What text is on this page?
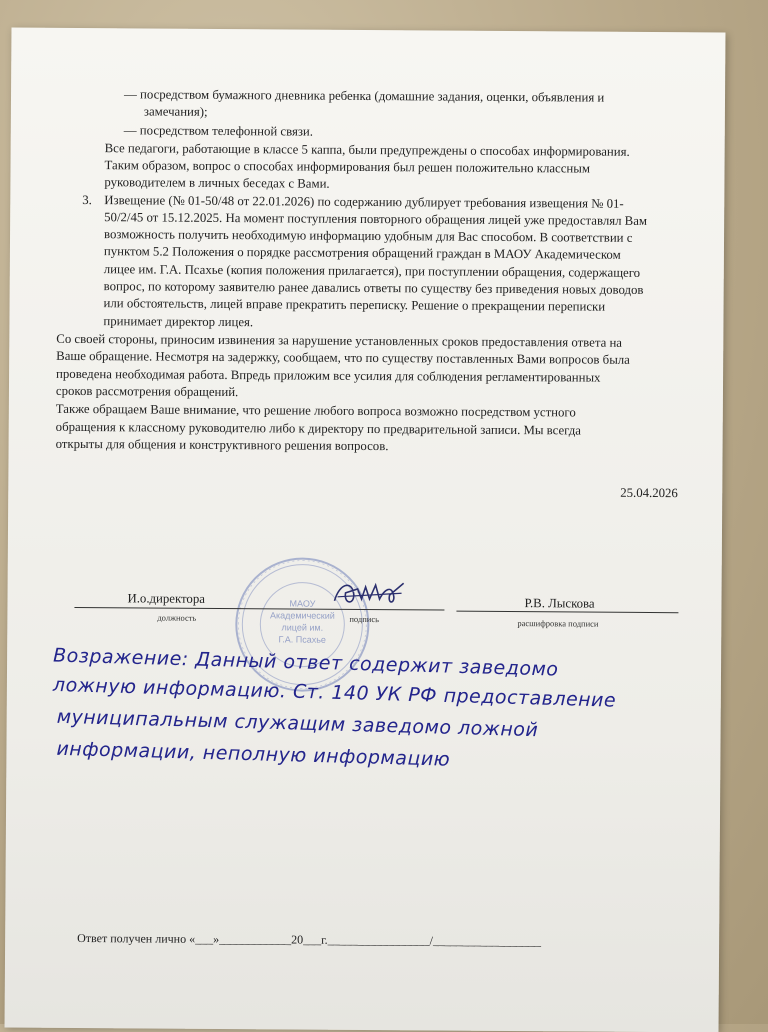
— посредством бумажного дневника ребенка (домашние задания, оценки, объявления и
замечания);
— посредством телефонной связи.
Все педагоги, работающие в классе 5 каппа, были предупреждены о способах информирования.
Таким образом, вопрос о способах информирования был решен положительно классным
руководителем в личных беседах с Вами.
3. Извещение (№ 01-50/48 от 22.01.2026) по содержанию дублирует требования извещения № 01-
50/2/45 от 15.12.2025. На момент поступления повторного обращения лицей уже предоставлял Вам
возможность получить необходимую информацию удобным для Вас способом. В соответствии с
пунктом 5.2 Положения о порядке рассмотрения обращений граждан в МАОУ Академическом
лицее им. Г.А. Псахье (копия положения прилагается), при поступлении обращения, содержащего
вопрос, по которому заявителю ранее давались ответы по существу без приведения новых доводов
или обстоятельств, лицей вправе прекратить переписку. Решение о прекращении переписки
принимает директор лицея.
Со своей стороны, приносим извинения за нарушение установленных сроков предоставления ответа на
Ваше обращение. Несмотря на задержку, сообщаем, что по существу поставленных Вами вопросов была
проведена необходимая работа. Впредь приложим все усилия для соблюдения регламентированных
сроков рассмотрения обращений.
Также обращаем Ваше внимание, что решение любого вопроса возможно посредством устного
обращения к классному руководителю либо к директору по предварительной записи. Мы всегда
открыты для общения и конструктивного решения вопросов.
25.04.2026
МАОУ
Академический
лицей им.
Г.А. Псахье
И.о.директора
должность	подпись
Р.В. Лыскова
расшифровка подписи
Возражение: Данный ответ содержит заведомо
ложную информацию. Ст. 140 УК РФ предоставление
муниципальным служащим заведомо ложной
информации, неполную информацию
Ответ получен лично «___»____________20___г._________________/__________________
